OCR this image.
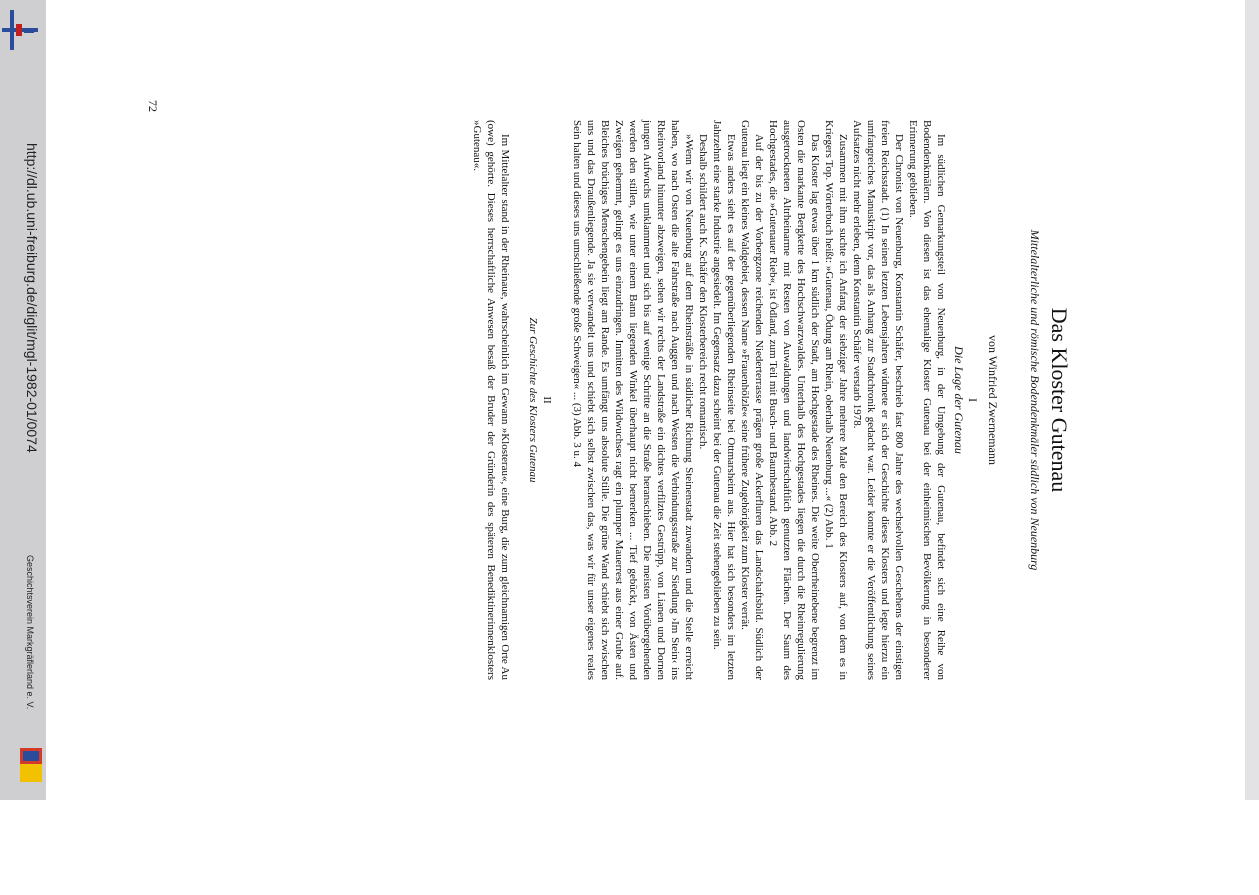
http://dl.ub.uni-freiburg.de/diglit/mgl-1982-01/0074
Geschichtsverein Markgräflerland e. V.
Das Kloster Gutenau
Mittelalterliche und römische Bodendenkmäler südlich von Neuenburg
von Winfried Zwernemann
I
Die Lage der Gutenau

Im südlichen Gemarkungsteil von Neuenburg, in der Umgebung der Gutenau, befindet sich eine Reihe von Bodendenkmälern. Von diesen ist das ehemalige Kloster Gutenau bei der einheimischen Bevölkerung in besonderer Erinnerung geblieben.

Der Chronist von Neuenburg, Konstantin Schäfer, beschrieb fast 800 Jahre des wechselvollen Geschehens der einstigen freien Reichsstadt. (1) In seinen letzten Lebensjahren widmete er sich der Geschichte dieses Klosters und legte hierzu ein umfangreiches Manuskript vor, das als Anhang zur Stadtchronik gedacht war. Leider konnte er die Veröffentlichung seines Aufsatzes nicht mehr erleben, denn Konstantin Schäfer verstarb 1978.

Zusammen mit ihm suchte ich Anfang der siebziger Jahre mehrere Male den Bereich des Klosters auf, von dem es in Kriegers Top. Wörterbuch heißt: »Gutenau, Ödung am Rhein, oberhalb Neuenburg ...« (2) Abb. 1

Das Kloster lag etwas über 1 km südlich der Stadt, am Hochgestade des Rheines. Die weite Oberrheinebene begrenzt im Osten die markante Bergkette des Hochschwarzwaldes. Unterhalb des Hochgestades liegen die durch die Rheinregulierung ausgetrockneten Altrheinarme mit Resten von Auwaldungen und landwirtschaftlich genutzten Flächen. Der Saum des Hochgestades, die »Gutenauer Rieb«, ist Ödland, zum Teil mit Busch- und Baumbestand. Abb. 2

Auf der bis zu der Vorbergzone reichenden Niederterrasse prägen große Ackerfluren das Landschaftsbild. Südlich der Gutenau liegt ein kleines Waldgebiet, dessen Name »Frauenhölzle« seine frühere Zugehörigkeit zum Kloster verrät.

Etwas anders sieht es auf der gegenüberliegenden Rheinseite bei Ottmarsheim aus. Hier hat sich besonders im letzten Jahrzehnt eine starke Industrie angesiedelt. Im Gegensatz dazu scheint bei der Gutenau die Zeit stehengeblieben zu sein.

Deshalb schildert auch K. Schäfer den Klosterbereich recht romantisch.

»Wenn wir von Neuenburg auf dem Rheinsträßle in südlicher Richtung Steinenstadt zuwandern und die Stelle erreicht haben, wo nach Osten die alte Fahrstraße nach Auggen und nach Westen die Verbindungsstraße zur Siedlung ›Im Stein‹ ins Rheinvorland hinunter abzweigen, sehen wir rechts der Landstraße ein dichtes verfilztes Gestrüpp, von Lianen und Dornen jungen Aufwuchs umklammert und sich bis auf wenige Schritte an die Straße heranschieben. Die meisten Vorübergehenden werden den stillen, wie unter einem Bann liegenden Winkel überhaupt nicht bemerken ... Tief gebückt, von Ästen und Zweigen gehemmt, gelingt es uns einzudringen. Inmitten des Wildwuchses ragt ein plumper Mauerrest aus einer Grube auf. Bleiches brüchiges Menschengebein liegt am Rande. Es umfängt uns absolute Stille. Die grüne Wand schiebt sich zwischen uns und das Draußenliegende. Ja sie verwandelt uns und schiebt sich selbst zwischen das, was wir für unser eigenes reales Sein halten und dieses uns umschließende große Schweigen« ... (3) Abb. 3 u. 4

II
Zur Geschichte des Klosters Gutenau

Im Mittelalter stand in der Rheinaue, wahrscheinlich im Gewann »Klosterau«, eine Burg, die zum gleichnamigen Orte Au (owe) gehörte. Dieses herrschaftliche Anwesen besaß der Bruder der Gründerin des späteren Benediktinerinnenklosters »Gutenau«.

72
